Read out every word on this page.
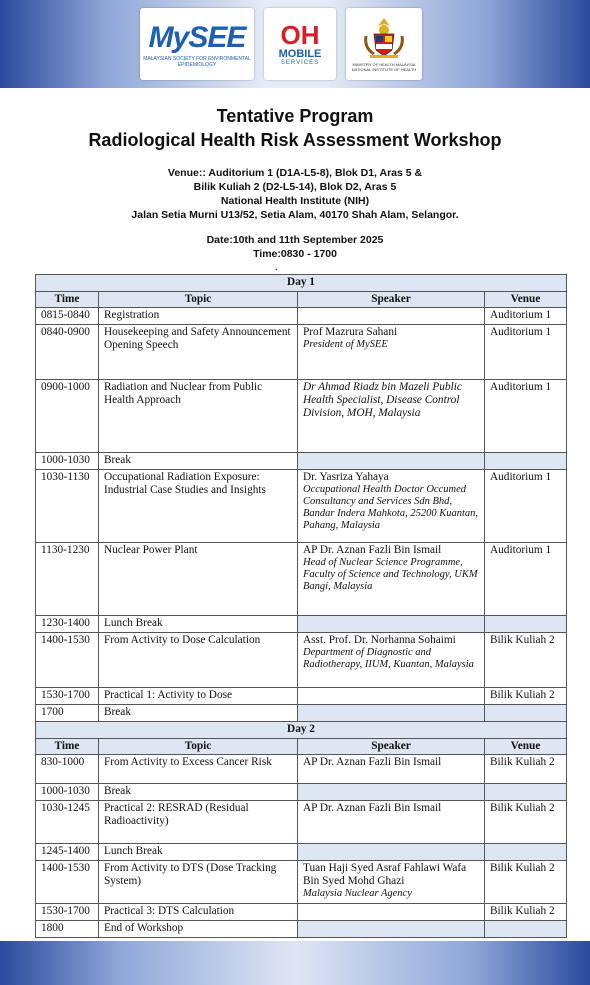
MySEE
MALAYSIAN SOCIETY FOR ENVIRONMENTAL EPIDEMIOLOGY
OH
MOBILE
SERVICES	MINISTRY OF HEALTH MALAYSIA NATIONAL INSTITUTE OF HEALTH
Tentative Program
Radiological Health Risk Assessment Workshop
Venue:: Auditorium 1 (D1A-L5-8), Blok D1, Aras 5 &
Bilik Kuliah 2 (D2-L5-14), Blok D2, Aras 5
National Health Institute (NIH)
Jalan Setia Murni U13/52, Setia Alam, 40170 Shah Alam, Selangor.
Date:10th and 11th September 2025
Time:0830 - 1700
.
Day 1			
Time	Topic	Speaker	Venue
0815-0840	Registration		Auditorium 1
0840-0900	Housekeeping and Safety Announcement Opening Speech	Prof Mazrura Sahani
President of MySEE	Auditorium 1
0900-1000	Radiation and Nuclear from Public Health Approach	Dr Ahmad Riadz bin Mazeli Public Health Specialist, Disease Control Division, MOH, Malaysia	Auditorium 1
1000-1030	Break	

1030-1130	Occupational Radiation Exposure: Industrial Case Studies and Insights	Dr. Yasriza Yahaya
Occupational Health Doctor Occumed Consultancy and Services Sdn Bhd, Bandar Indera Mahkota, 25200 Kuantan, Pahang, Malaysia	Auditorium 1
1130-1230	Nuclear Power Plant	AP Dr. Aznan Fazli Bin Ismail
Head of Nuclear Science Programme, Faculty of Science and Technology, UKM Bangi, Malaysia	Auditorium 1
1230-1400	Lunch Break	

1400-1530	From Activity to Dose Calculation	Asst. Prof. Dr. Norhanna Sohaimi
Department of Diagnostic and Radiotherapy, IIUM, Kuantan, Malaysia	Bilik Kuliah 2
1530-1700	Practical 1: Activity to Dose		Bilik Kuliah 2
1700	Break	

Day 2			
Time	Topic	Speaker	Venue
830-1000	From Activity to Excess Cancer Risk	AP Dr. Aznan Fazli Bin Ismail	Bilik Kuliah 2
1000-1030	Break	

1030-1245	Practical 2: RESRAD (Residual Radioactivity)	AP Dr. Aznan Fazli Bin Ismail	Bilik Kuliah 2
1245-1400	Lunch Break	

1400-1530	From Activity to DTS (Dose Tracking System)	Tuan Haji Syed Asraf Fahlawi Wafa Bin Syed Mohd Ghazi
Malaysia Nuclear Agency	Bilik Kuliah 2
1530-1700	Practical 3: DTS Calculation		Bilik Kuliah 2
1800	End of Workshop	
